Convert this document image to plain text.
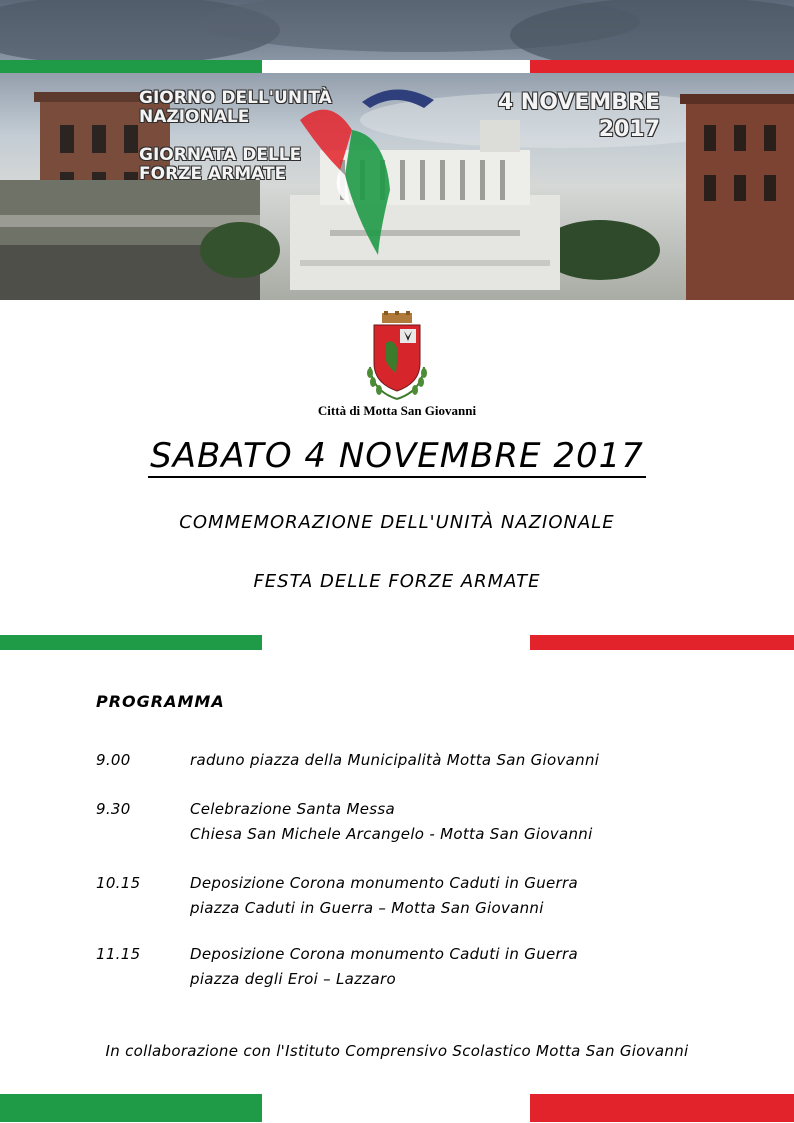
GIORNO DELL'UNITÀ NAZIONALE
GIORNATA DELLE FORZE ARMATE
4 NOVEMBRE
2017
Città di Motta San Giovanni
SABATO 4 NOVEMBRE 2017
COMMEMORAZIONE DELL'UNITÀ NAZIONALE
FESTA DELLE FORZE ARMATE
PROGRAMMA
9.00	raduno piazza della Municipalità Motta San Giovanni
9.30	Celebrazione Santa Messa
Chiesa San Michele Arcangelo - Motta San Giovanni
10.15	Deposizione Corona monumento Caduti in Guerra
piazza Caduti in Guerra – Motta San Giovanni
11.15	Deposizione Corona monumento Caduti in Guerra
piazza degli Eroi – Lazzaro
In collaborazione con l'Istituto Comprensivo Scolastico Motta San Giovanni
